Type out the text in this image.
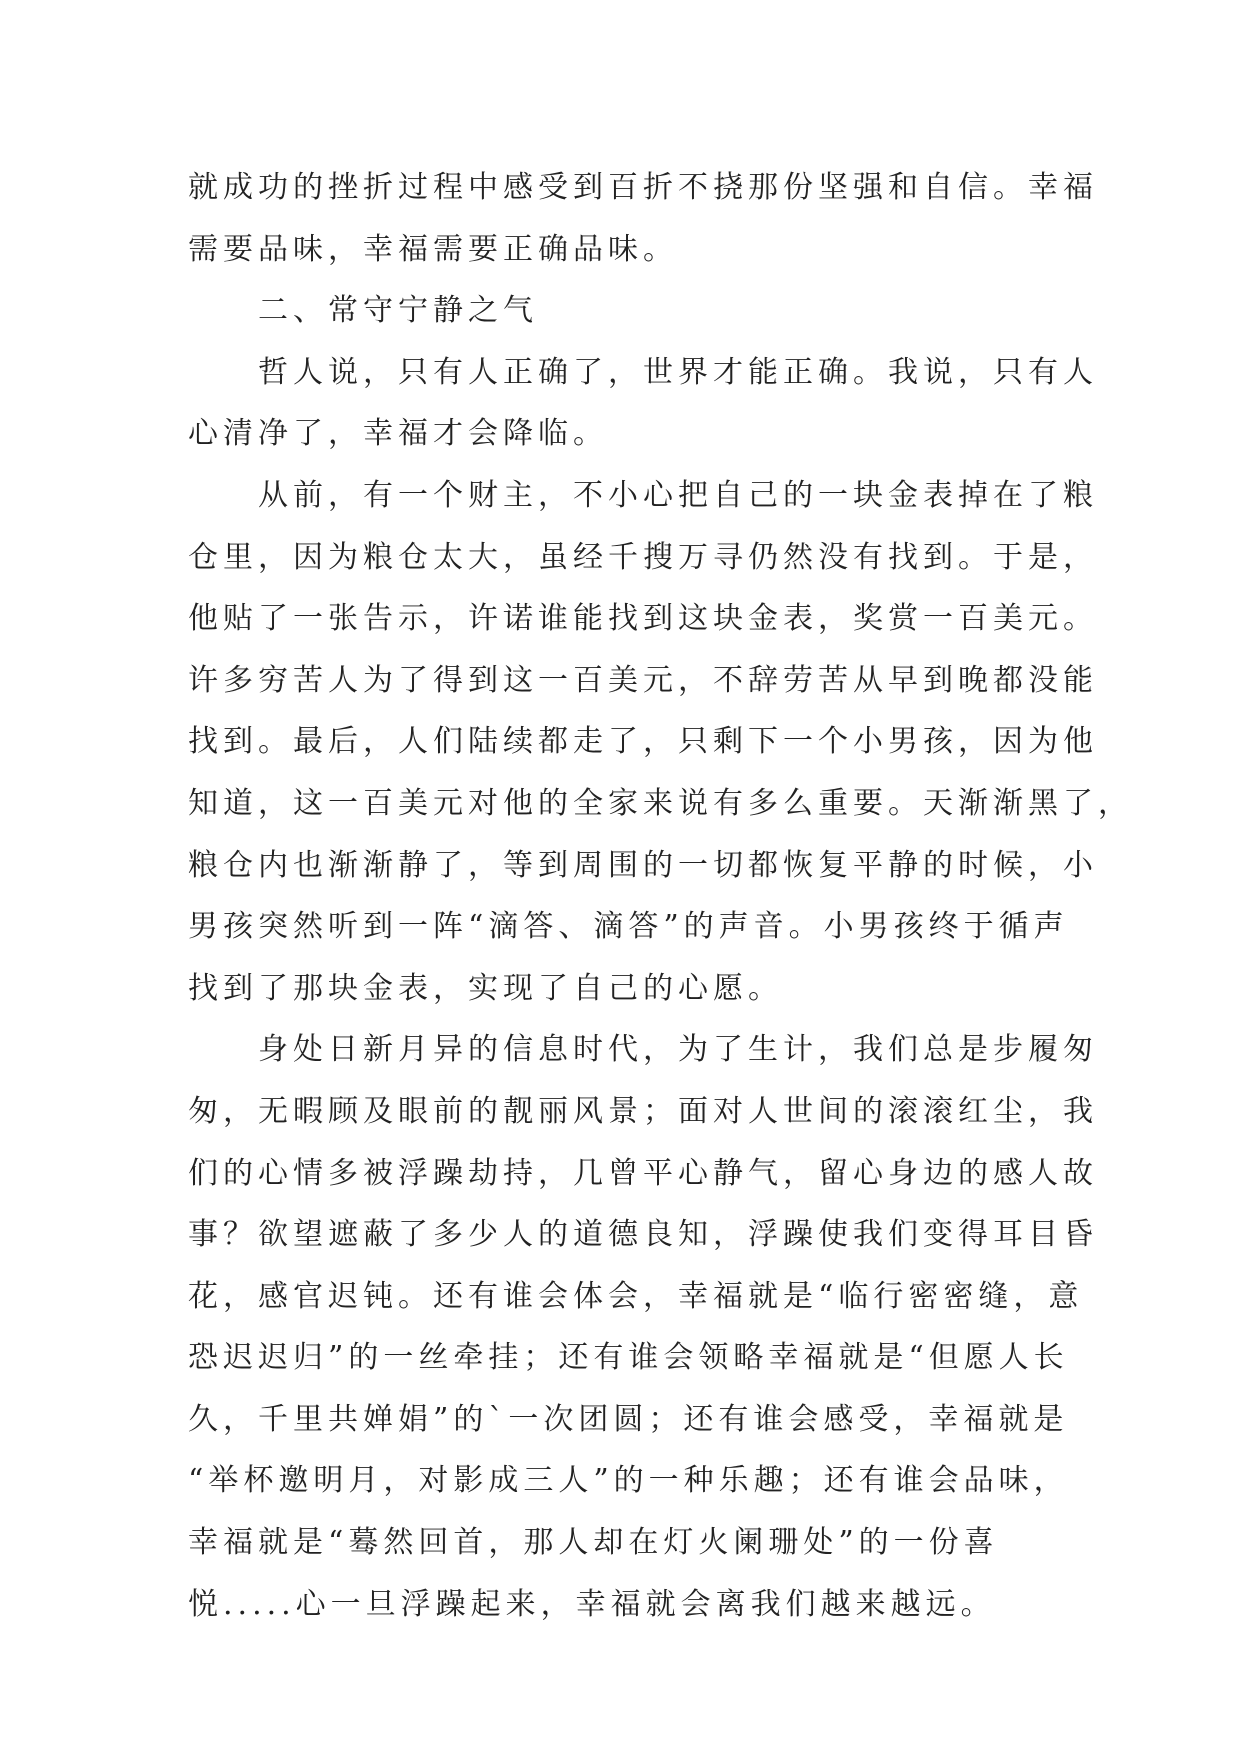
就成功的挫折过程中感受到百折不挠那份坚强和自信。幸福
需要品味，幸福需要正确品味。
二、常守宁静之气
哲人说，只有人正确了，世界才能正确。我说，只有人
心清净了，幸福才会降临。
从前，有一个财主，不小心把自己的一块金表掉在了粮
仓里，因为粮仓太大，虽经千搜万寻仍然没有找到。于是，
他贴了一张告示，许诺谁能找到这块金表，奖赏一百美元。
许多穷苦人为了得到这一百美元，不辞劳苦从早到晚都没能
找到。最后，人们陆续都走了，只剩下一个小男孩，因为他
知道，这一百美元对他的全家来说有多么重要。天渐渐黑了，
粮仓内也渐渐静了，等到周围的一切都恢复平静的时候，小
男孩突然听到一阵“滴答、滴答”的声音。小男孩终于循声
找到了那块金表，实现了自己的心愿。
身处日新月异的信息时代，为了生计，我们总是步履匆
匆，无暇顾及眼前的靓丽风景；面对人世间的滚滚红尘，我
们的心情多被浮躁劫持，几曾平心静气，留心身边的感人故
事？欲望遮蔽了多少人的道德良知，浮躁使我们变得耳目昏
花，感官迟钝。还有谁会体会，幸福就是“临行密密缝，意
恐迟迟归”的一丝牵挂；还有谁会领略幸福就是“但愿人长
久，千里共婵娟”的`一次团圆；还有谁会感受，幸福就是
“举杯邀明月，对影成三人”的一种乐趣；还有谁会品味，
幸福就是“蓦然回首，那人却在灯火阑珊处”的一份喜
悦.....心一旦浮躁起来，幸福就会离我们越来越远。
